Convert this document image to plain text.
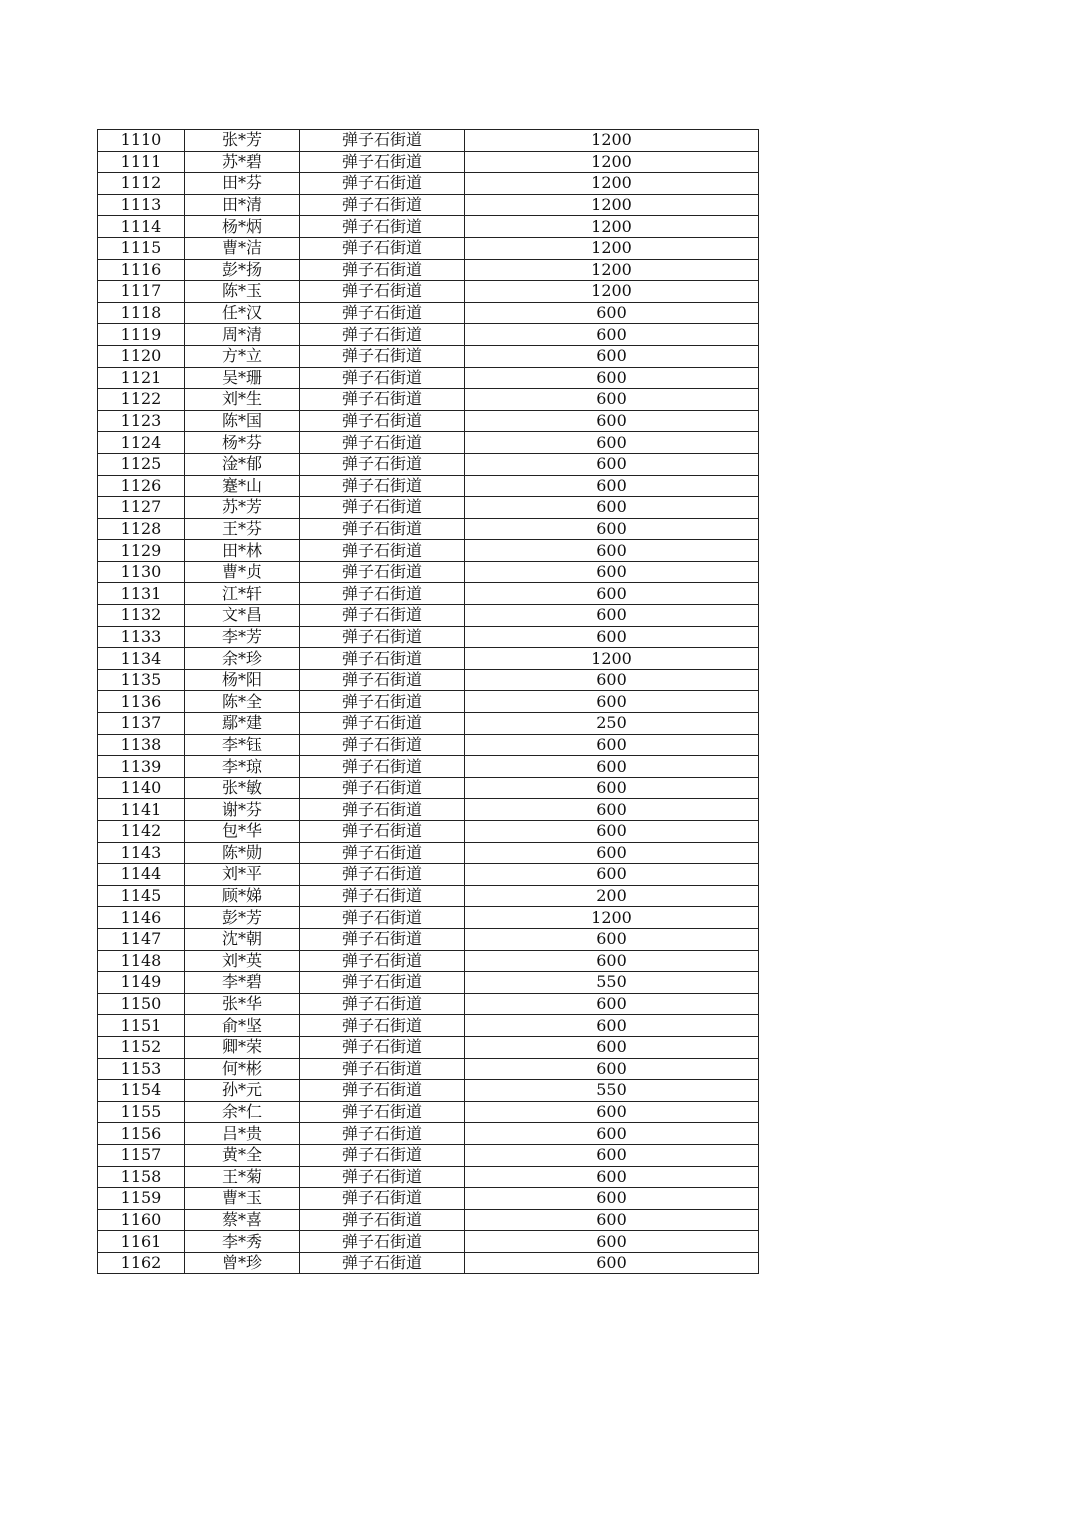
1110	张*芳	弹子石街道	1200
1111	苏*碧	弹子石街道	1200
1112	田*芬	弹子石街道	1200
1113	田*清	弹子石街道	1200
1114	杨*炳	弹子石街道	1200
1115	曹*洁	弹子石街道	1200
1116	彭*扬	弹子石街道	1200
1117	陈*玉	弹子石街道	1200
1118	任*汉	弹子石街道	600
1119	周*清	弹子石街道	600
1120	方*立	弹子石街道	600
1121	吴*珊	弹子石街道	600
1122	刘*生	弹子石街道	600
1123	陈*国	弹子石街道	600
1124	杨*芬	弹子石街道	600
1125	淦*郁	弹子石街道	600
1126	蹇*山	弹子石街道	600
1127	苏*芳	弹子石街道	600
1128	王*芬	弹子石街道	600
1129	田*林	弹子石街道	600
1130	曹*贞	弹子石街道	600
1131	江*轩	弹子石街道	600
1132	文*昌	弹子石街道	600
1133	李*芳	弹子石街道	600
1134	余*珍	弹子石街道	1200
1135	杨*阳	弹子石街道	600
1136	陈*全	弹子石街道	600
1137	鄢*建	弹子石街道	250
1138	李*钰	弹子石街道	600
1139	李*琼	弹子石街道	600
1140	张*敏	弹子石街道	600
1141	谢*芬	弹子石街道	600
1142	包*华	弹子石街道	600
1143	陈*勋	弹子石街道	600
1144	刘*平	弹子石街道	600
1145	顾*娣	弹子石街道	200
1146	彭*芳	弹子石街道	1200
1147	沈*朝	弹子石街道	600
1148	刘*英	弹子石街道	600
1149	李*碧	弹子石街道	550
1150	张*华	弹子石街道	600
1151	俞*坚	弹子石街道	600
1152	卿*荣	弹子石街道	600
1153	何*彬	弹子石街道	600
1154	孙*元	弹子石街道	550
1155	余*仁	弹子石街道	600
1156	吕*贵	弹子石街道	600
1157	黄*全	弹子石街道	600
1158	王*菊	弹子石街道	600
1159	曹*玉	弹子石街道	600
1160	蔡*喜	弹子石街道	600
1161	李*秀	弹子石街道	600
1162	曾*珍	弹子石街道	600
